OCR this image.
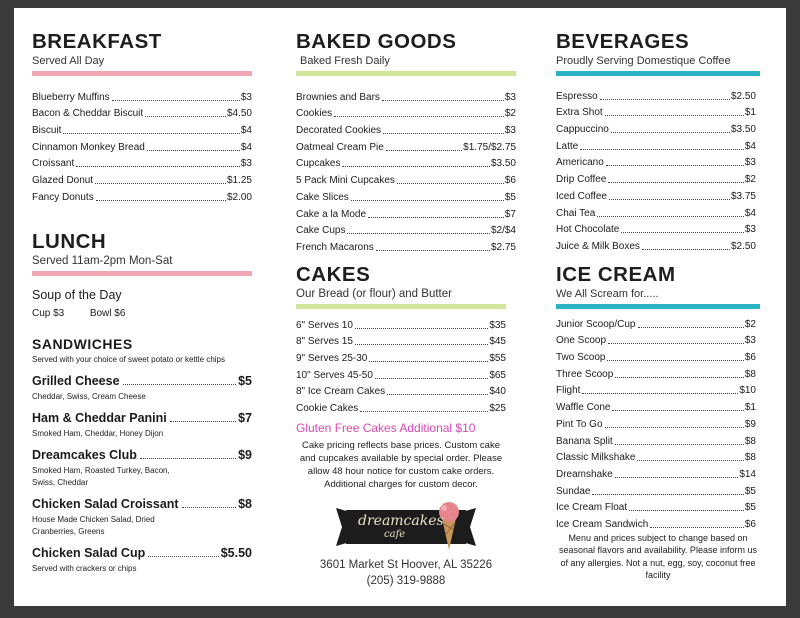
BREAKFAST
Served All Day
Blueberry Muffins	$3
Bacon & Cheddar Biscuit	$4.50
Biscuit	$4
Cinnamon Monkey Bread	$4
Croissant	$3
Glazed Donut	$1.25
Fancy Donuts	$2.00
LUNCH
Served 11am-2pm Mon-Sat
Soup of the Day
Cup $3	Bowl $6
SANDWICHES
Served with your choice of sweet potato or kettle chips
Grilled Cheese	$5
Cheddar, Swiss, Cream Cheese
Ham & Cheddar Panini	$7
Smoked Ham, Cheddar, Honey Dijon
Dreamcakes Club	$9
Smoked Ham, Roasted Turkey, Bacon, Swiss, Cheddar
Chicken Salad Croissant	$8
House Made Chicken Salad, Dried Cranberries, Greens
Chicken Salad Cup	$5.50
Served with crackers or chips
BAKED GOODS
Baked Fresh Daily
Brownies and Bars	$3
Cookies	$2
Decorated Cookies	$3
Oatmeal Cream Pie	$1.75/$2.75
Cupcakes	$3.50
5 Pack Mini Cupcakes	$6
Cake Slices	$5
Cake a la Mode	$7
Cake Cups	$2/$4
French Macarons	$2.75
CAKES
Our Bread (or flour) and Butter
6" Serves 10	$35
8" Serves 15	$45
9" Serves 25-30	$55
10" Serves 45-50	$65
8" Ice Cream Cakes	$40
Cookie Cakes	$25
Gluten Free Cakes Additional $10
Cake pricing reflects base prices. Custom cake and cupcakes available by special order. Please allow 48 hour notice for custom cake orders. Additional charges for custom decor.
dreamcakes
cafe
3601 Market St Hoover, AL 35226
(205) 319-9888
BEVERAGES
Proudly Serving Domestique Coffee
Espresso	$2.50
Extra Shot	$1
Cappuccino	$3.50
Latte	$4
Americano	$3
Drip Coffee	$2
Iced Coffee	$3.75
Chai Tea	$4
Hot Chocolate	$3
Juice & Milk Boxes	$2.50
ICE CREAM
We All Scream for.....
Junior Scoop/Cup	$2
One Scoop	$3
Two Scoop	$6
Three Scoop	$8
Flight	$10
Waffle Cone	$1
Pint To Go	$9
Banana Split	$8
Classic Milkshake	$8
Dreamshake	$14
Sundae	$5
Ice Cream Float	$5
Ice Cream Sandwich	$6
Menu and prices subject to change based on seasonal flavors and availability. Please inform us of any allergies. Not a nut, egg, soy, coconut free facility
